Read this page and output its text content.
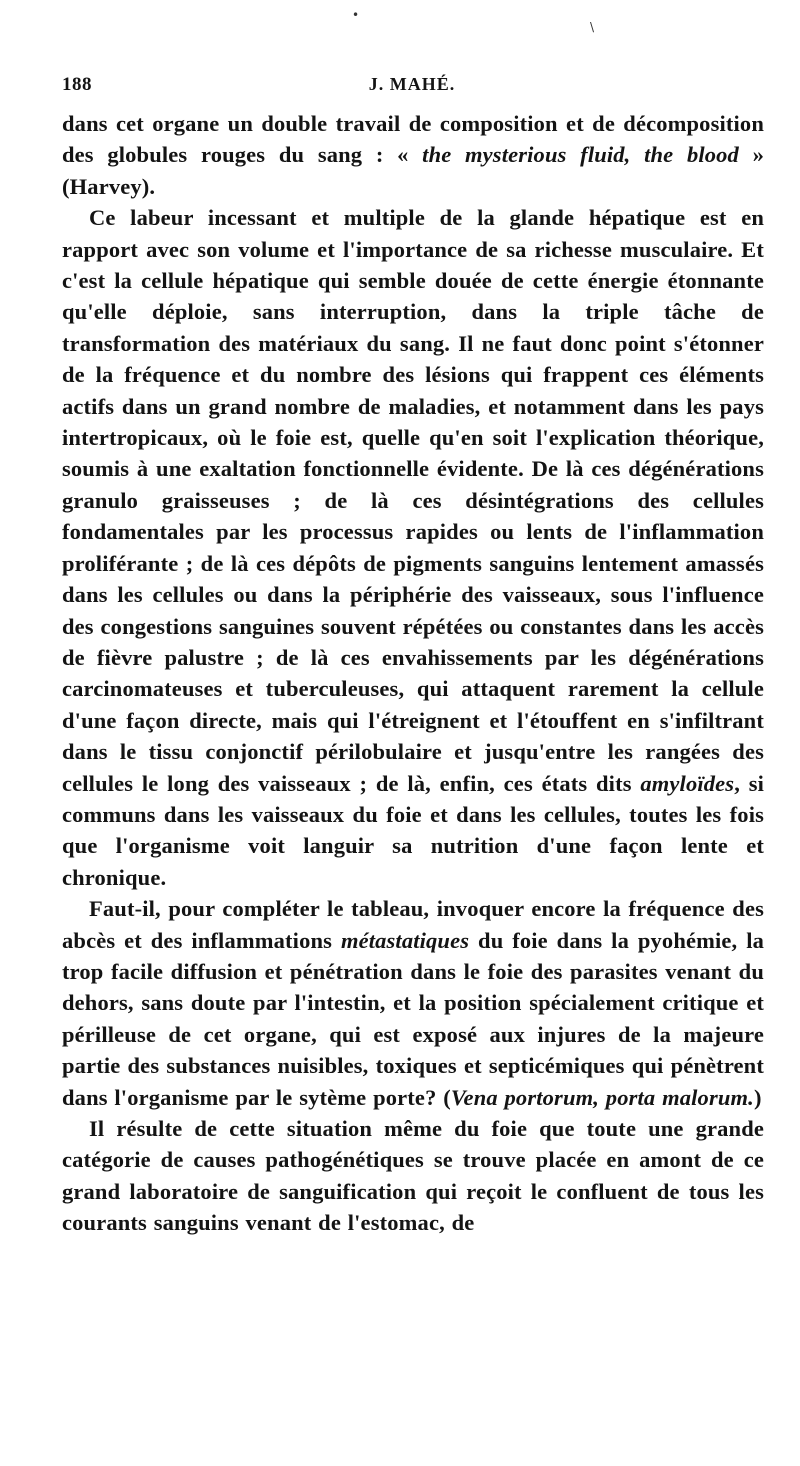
•
\
188	J. MAHÉ.

dans cet organe un double travail de composition et de décomposition des globules rouges du sang : « the mysterious fluid, the blood » (Harvey).

Ce labeur incessant et multiple de la glande hépatique est en rapport avec son volume et l'importance de sa richesse musculaire. Et c'est la cellule hépatique qui semble douée de cette énergie étonnante qu'elle déploie, sans interruption, dans la triple tâche de transformation des matériaux du sang. Il ne faut donc point s'étonner de la fréquence et du nombre des lésions qui frappent ces éléments actifs dans un grand nombre de maladies, et notamment dans les pays intertropicaux, où le foie est, quelle qu'en soit l'explication théorique, soumis à une exaltation fonctionnelle évidente. De là ces dégénérations granulo graisseuses ; de là ces désintégrations des cellules fondamentales par les processus rapides ou lents de l'inflammation proliférante ; de là ces dépôts de pigments sanguins lentement amassés dans les cellules ou dans la périphérie des vaisseaux, sous l'influence des congestions sanguines souvent répétées ou constantes dans les accès de fièvre palustre ; de là ces envahissements par les dégénérations carcinomateuses et tuberculeuses, qui attaquent rarement la cellule d'une façon directe, mais qui l'étreignent et l'étouffent en s'infiltrant dans le tissu conjonctif périlobulaire et jusqu'entre les rangées des cellules le long des vaisseaux ; de là, enfin, ces états dits amyloïdes, si communs dans les vaisseaux du foie et dans les cellules, toutes les fois que l'organisme voit languir sa nutrition d'une façon lente et chronique.

Faut-il, pour compléter le tableau, invoquer encore la fréquence des abcès et des inflammations métastatiques du foie dans la pyohémie, la trop facile diffusion et pénétration dans le foie des parasites venant du dehors, sans doute par l'intestin, et la position spécialement critique et périlleuse de cet organe, qui est exposé aux injures de la majeure partie des substances nuisibles, toxiques et septicémiques qui pénètrent dans l'organisme par le sytème porte? (Vena portorum, porta malorum.)

Il résulte de cette situation même du foie que toute une grande catégorie de causes pathogénétiques se trouve placée en amont de ce grand laboratoire de sanguification qui reçoit le confluent de tous les courants sanguins venant de l'estomac, de
